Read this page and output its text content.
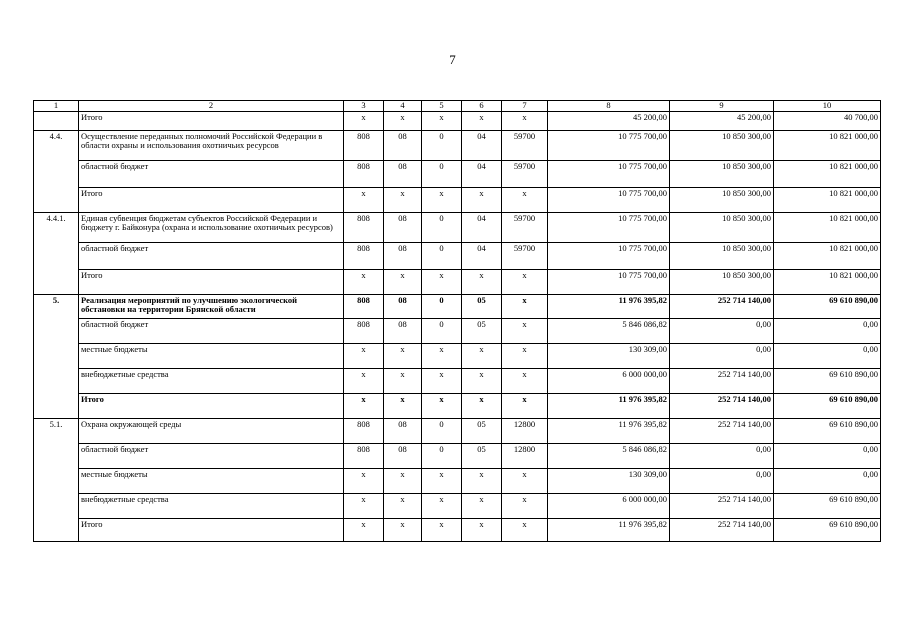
7
1	2	3	4	5	6	7	8	9	10
	Итого	х	х	х	х	х	45 200,00	45 200,00	40 700,00
4.4.	Осуществление переданных полномочий Российской Федерации в области охраны и использования охотничьих ресурсов	808	08	0	04	59700	10 775 700,00	10 850 300,00	10 821 000,00
	областной бюджет	808	08	0	04	59700	10 775 700,00	10 850 300,00	10 821 000,00
	Итого	х	х	х	х	х	10 775 700,00	10 850 300,00	10 821 000,00
4.4.1.	Единая субвенция бюджетам субъектов Российской Федерации и бюджету г. Байконура (охрана и использование охотничьих ресурсов)	808	08	0	04	59700	10 775 700,00	10 850 300,00	10 821 000,00
	областной бюджет	808	08	0	04	59700	10 775 700,00	10 850 300,00	10 821 000,00
	Итого	х	х	х	х	х	10 775 700,00	10 850 300,00	10 821 000,00
5.	Реализация мероприятий по улучшению экологической обстановки на территории Брянской области	808	08	0	05	х	11 976 395,82	252 714 140,00	69 610 890,00
	областной бюджет	808	08	0	05	х	5 846 086,82	0,00	0,00
	местные бюджеты	х	х	х	х	х	130 309,00	0,00	0,00
	внебюджетные средства	х	х	х	х	х	6 000 000,00	252 714 140,00	69 610 890,00
	Итого	х	х	х	х	х	11 976 395,82	252 714 140,00	69 610 890,00
5.1.	Охрана окружающей среды	808	08	0	05	12800	11 976 395,82	252 714 140,00	69 610 890,00
	областной бюджет	808	08	0	05	12800	5 846 086,82	0,00	0,00
	местные бюджеты	х	х	х	х	х	130 309,00	0,00	0,00
	внебюджетные средства	х	х	х	х	х	6 000 000,00	252 714 140,00	69 610 890,00
	Итого	х	х	х	х	х	11 976 395,82	252 714 140,00	69 610 890,00
